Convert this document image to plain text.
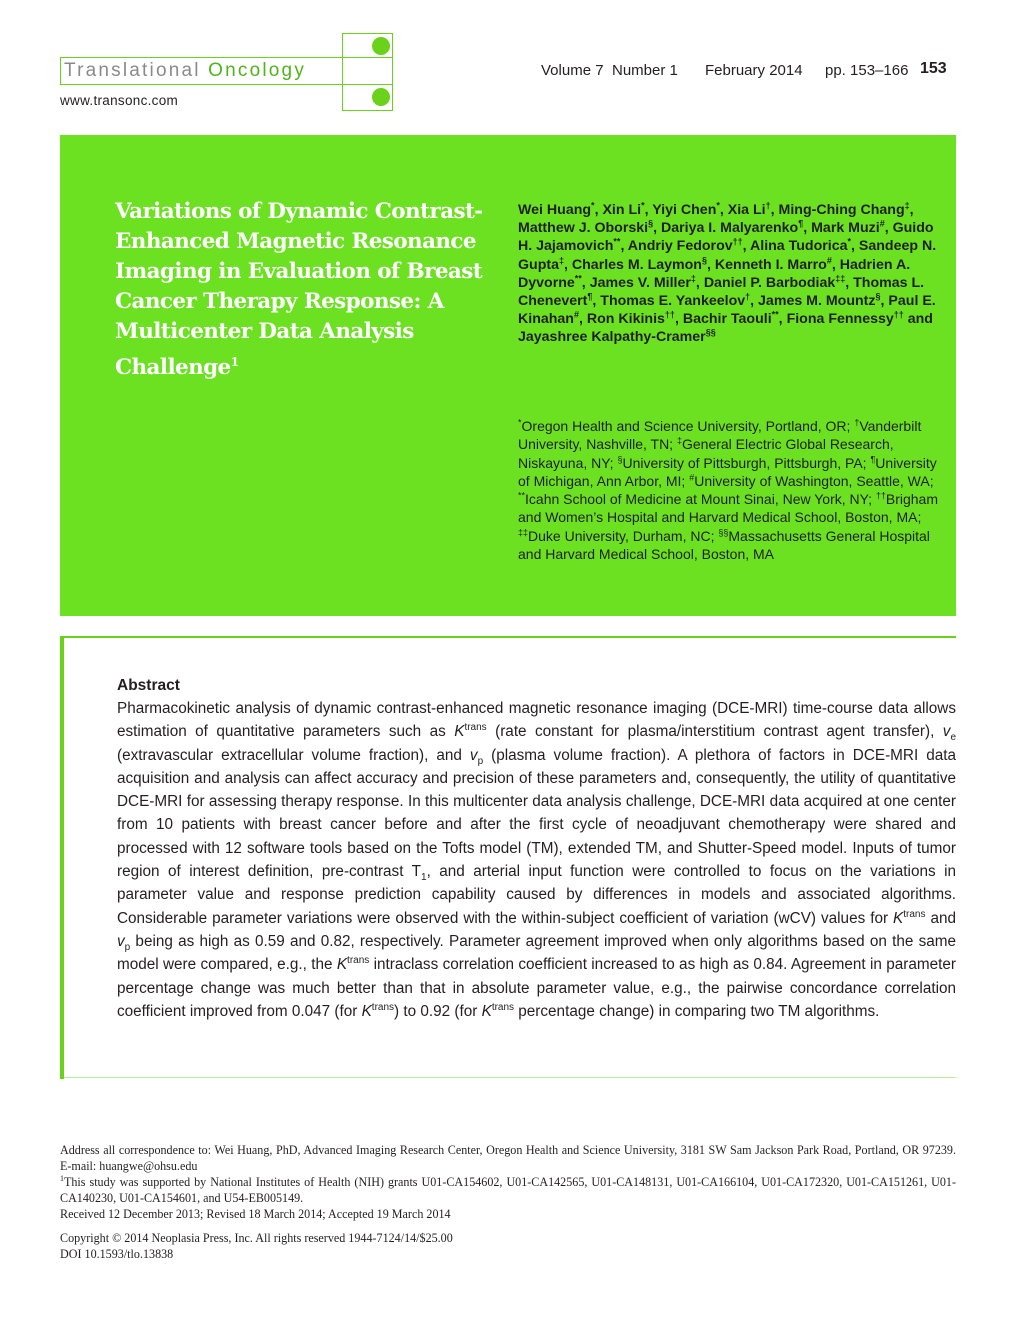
Translational Oncology
www.transonc.com
Volume 7 Number 1 February 2014 pp. 153–166 153
Variations of Dynamic Contrast-Enhanced Magnetic Resonance Imaging in Evaluation of Breast Cancer Therapy Response: A Multicenter Data Analysis Challenge$^1$
Wei Huang*, Xin Li*, Yiyi Chen*, Xia Li†, Ming-Ching Chang‡, Matthew J. Oborski§, Dariya I. Malyarenko¶, Mark Muzi#, Guido H. Jajamovich**, Andriy Fedorov††, Alina Tudorica*, Sandeep N. Gupta‡, Charles M. Laymon§, Kenneth I. Marro#, Hadrien A. Dyvorne**, James V. Miller‡, Daniel P. Barbodiak‡‡, Thomas L. Chenevert¶, Thomas E. Yankeelov†, James M. Mountz§, Paul E. Kinahan#, Ron Kikinis††, Bachir Taouli**, Fiona Fennessy†† and Jayashree Kalpathy-Cramer§§
*Oregon Health and Science University, Portland, OR; †Vanderbilt University, Nashville, TN; ‡General Electric Global Research, Niskayuna, NY; §University of Pittsburgh, Pittsburgh, PA; ¶University of Michigan, Ann Arbor, MI; #University of Washington, Seattle, WA; **Icahn School of Medicine at Mount Sinai, New York, NY; ††Brigham and Women’s Hospital and Harvard Medical School, Boston, MA; ‡‡Duke University, Durham, NC; §§Massachusetts General Hospital and Harvard Medical School, Boston, MA
Abstract
Pharmacokinetic analysis of dynamic contrast-enhanced magnetic resonance imaging (DCE-MRI) time-course data allows estimation of quantitative parameters such as $K^{trans}$ (rate constant for plasma/interstitium contrast agent transfer), $v_e$ (extravascular extracellular volume fraction), and $v_p$ (plasma volume fraction). A plethora of factors in DCE-MRI data acquisition and analysis can affect accuracy and precision of these parameters and, consequently, the utility of quantitative DCE-MRI for assessing therapy response. In this multicenter data analysis challenge, DCE-MRI data acquired at one center from 10 patients with breast cancer before and after the first cycle of neoadjuvant chemotherapy were shared and processed with 12 software tools based on the Tofts model (TM), extended TM, and Shutter-Speed model. Inputs of tumor region of interest definition, pre-contrast $T_1$, and arterial input function were controlled to focus on the variations in parameter value and response prediction capability caused by differences in models and associated algorithms. Considerable parameter variations were observed with the within-subject coefficient of variation (wCV) values for $K^{trans}$ and $v_p$ being as high as 0.59 and 0.82, respectively. Parameter agreement improved when only algorithms based on the same model were compared, e.g., the $K^{trans}$ intraclass correlation coefficient increased to as high as 0.84. Agreement in parameter percentage change was much better than that in absolute parameter value, e.g., the pairwise concordance correlation coefficient improved from 0.047 (for $K^{trans}$) to 0.92 (for $K^{trans}$ percentage change) in comparing two TM algorithms.
Address all correspondence to: Wei Huang, PhD, Advanced Imaging Research Center, Oregon Health and Science University, 3181 SW Sam Jackson Park Road, Portland, OR 97239. E-mail: huangwe@ohsu.edu
$^1$This study was supported by National Institutes of Health (NIH) grants U01-CA154602, U01-CA142565, U01-CA148131, U01-CA166104, U01-CA172320, U01-CA151261, U01-CA140230, U01-CA154601, and U54-EB005149.
Received 12 December 2013; Revised 18 March 2014; Accepted 19 March 2014
Copyright © 2014 Neoplasia Press, Inc. All rights reserved 1944-7124/14/$25.00
DOI 10.1593/tlo.13838
